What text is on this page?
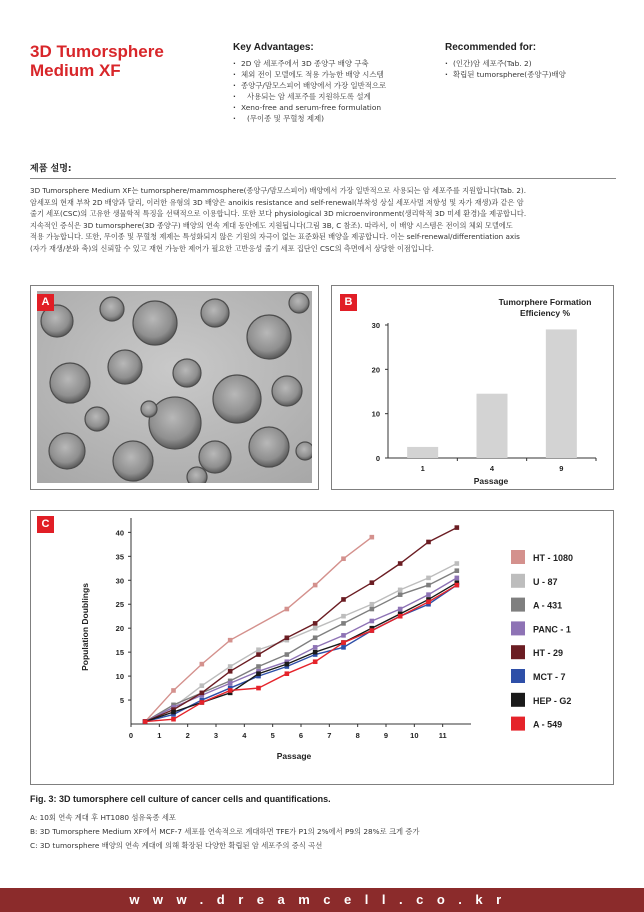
3D Tumorsphere
Medium XF
Key Advantages:
· 2D 암 세포주에서 3D 종양구 배양 구축
· 체외 전이 모델에도 적용 가능한 배양 시스템
· 종양구/맘모스피어 배양에서 가장 일반적으로
· 사용되는 암 세포주를 지원하도록 설계
· Xeno-free and serum-free formulation
· (무이종 및 무혈청 제제)
Recommended for:
· (인간)암 세포주(Tab. 2)
· 확립된 tumorsphere(종양구)배양
제품 설명:
3D Tumorsphere Medium XF는 tumorsphere/mammosphere(종양구/맘모스피어) 배양에서 가장 일반적으로 사용되는 암 세포주를 지원합니다(Tab. 2).
암세포의 현재 부착 2D 배양과 달리, 이러한 유형의 3D 배양은 anoikis resistance and self-renewal(부착성 상실 세포사멸 저항성 및 자가 재생)과 같은 암
줄기 세포(CSC)의 고유한 생물학적 특징을 선택적으로 이용합니다. 또한 보다 physiological 3D microenvironment(생리학적 3D 미세 환경)을 제공합니다.
지속적인 증식은 3D tumorsphere(3D 종양구) 배양의 연속 계대 동안에도 지원됩니다(그림 3B, C 참조). 따라서, 이 배양 시스템은 전이의 체외 모델에도
적용 가능합니다. 또한, 무이종 및 무혈청 제제는 특성화되지 않은 기원의 자극이 없는 표준화된 배양을 제공합니다. 이는 self-renewal/differentiation axis
(자가 재생/분화 축)의 신뢰할 수 있고 재현 가능한 제어가 필요한 고반응성 줄기 세포 집단인 CSC의 측면에서 상당한 이점입니다.
A	B	Tumorphere Formation
Efficiency %
0
10
20
30
1	4	9
Passage
C
Population Doublings
5
10
15
20
25
30
35
40
0	1	2	3	4	5	6	7	8	9	10	11
HT - 1080
U - 87
A - 431
PANC - 1
HT - 29
MCT - 7
HEP - G2
A - 549
Passage
Fig. 3: 3D tumorsphere cell culture of cancer cells and quantifications.
A: 10회 연속 계대 후 HT1080 섬유육종 세포
B: 3D Tumorsphere Medium XF에서 MCF-7 세포를 연속적으로 계대하면 TFE가 P1의 2%에서 P9의 28%로 크게 증가
C: 3D tumorsphere 배양의 연속 계대에 의해 확장된 다양한 확립된 암 세포주의 증식 곡선
www.dreamcell.co.kr
